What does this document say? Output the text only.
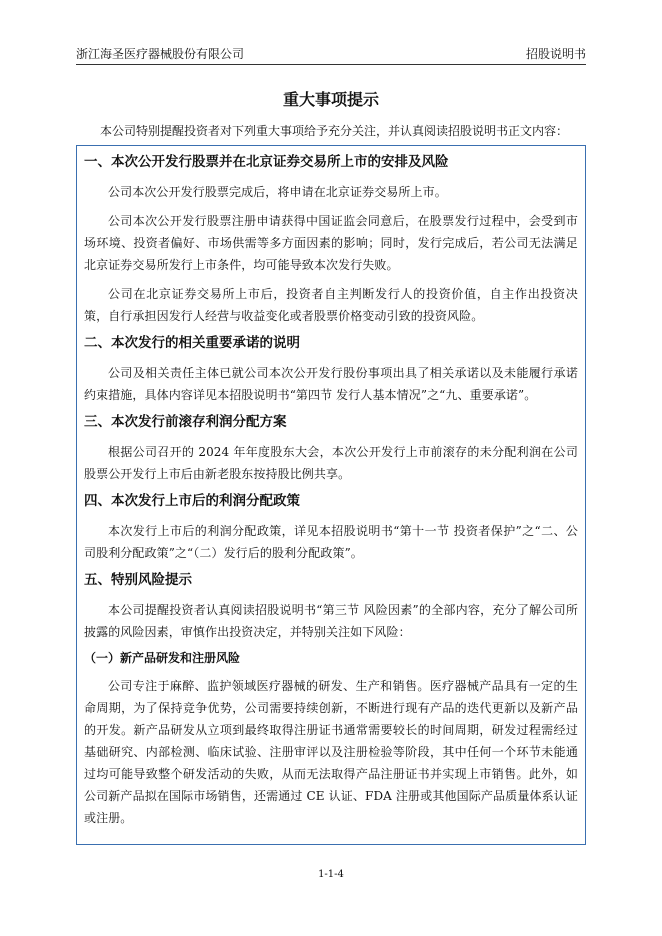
浙江海圣医疗器械股份有限公司	招股说明书
重大事项提示
本公司特别提醒投资者对下列重大事项给予充分关注，并认真阅读招股说明书正文内容：
一、本次公开发行股票并在北京证券交易所上市的安排及风险
公司本次公开发行股票完成后，将申请在北京证券交易所上市。
公司本次公开发行股票注册申请获得中国证监会同意后，在股票发行过程中，会受到市场环境、投资者偏好、市场供需等多方面因素的影响；同时，发行完成后，若公司无法满足北京证券交易所发行上市条件，均可能导致本次发行失败。
公司在北京证券交易所上市后，投资者自主判断发行人的投资价值，自主作出投资决策，自行承担因发行人经营与收益变化或者股票价格变动引致的投资风险。
二、本次发行的相关重要承诺的说明
公司及相关责任主体已就公司本次公开发行股份事项出具了相关承诺以及未能履行承诺约束措施，具体内容详见本招股说明书“第四节 发行人基本情况”之“九、重要承诺”。
三、本次发行前滚存利润分配方案
根据公司召开的 2024 年年度股东大会，本次公开发行上市前滚存的未分配利润在公司股票公开发行上市后由新老股东按持股比例共享。
四、本次发行上市后的利润分配政策
本次发行上市后的利润分配政策，详见本招股说明书“第十一节 投资者保护”之“二、公司股利分配政策”之“（二）发行后的股利分配政策”。
五、特别风险提示
本公司提醒投资者认真阅读招股说明书“第三节 风险因素”的全部内容，充分了解公司所披露的风险因素，审慎作出投资决定，并特别关注如下风险：
（一）新产品研发和注册风险
公司专注于麻醉、监护领域医疗器械的研发、生产和销售。医疗器械产品具有一定的生命周期，为了保持竞争优势，公司需要持续创新，不断进行现有产品的迭代更新以及新产品的开发。新产品研发从立项到最终取得注册证书通常需要较长的时间周期，研发过程需经过基础研究、内部检测、临床试验、注册审评以及注册检验等阶段，其中任何一个环节未能通过均可能导致整个研发活动的失败，从而无法取得产品注册证书并实现上市销售。此外，如公司新产品拟在国际市场销售，还需通过 CE 认证、FDA 注册或其他国际产品质量体系认证或注册。
1-1-4
